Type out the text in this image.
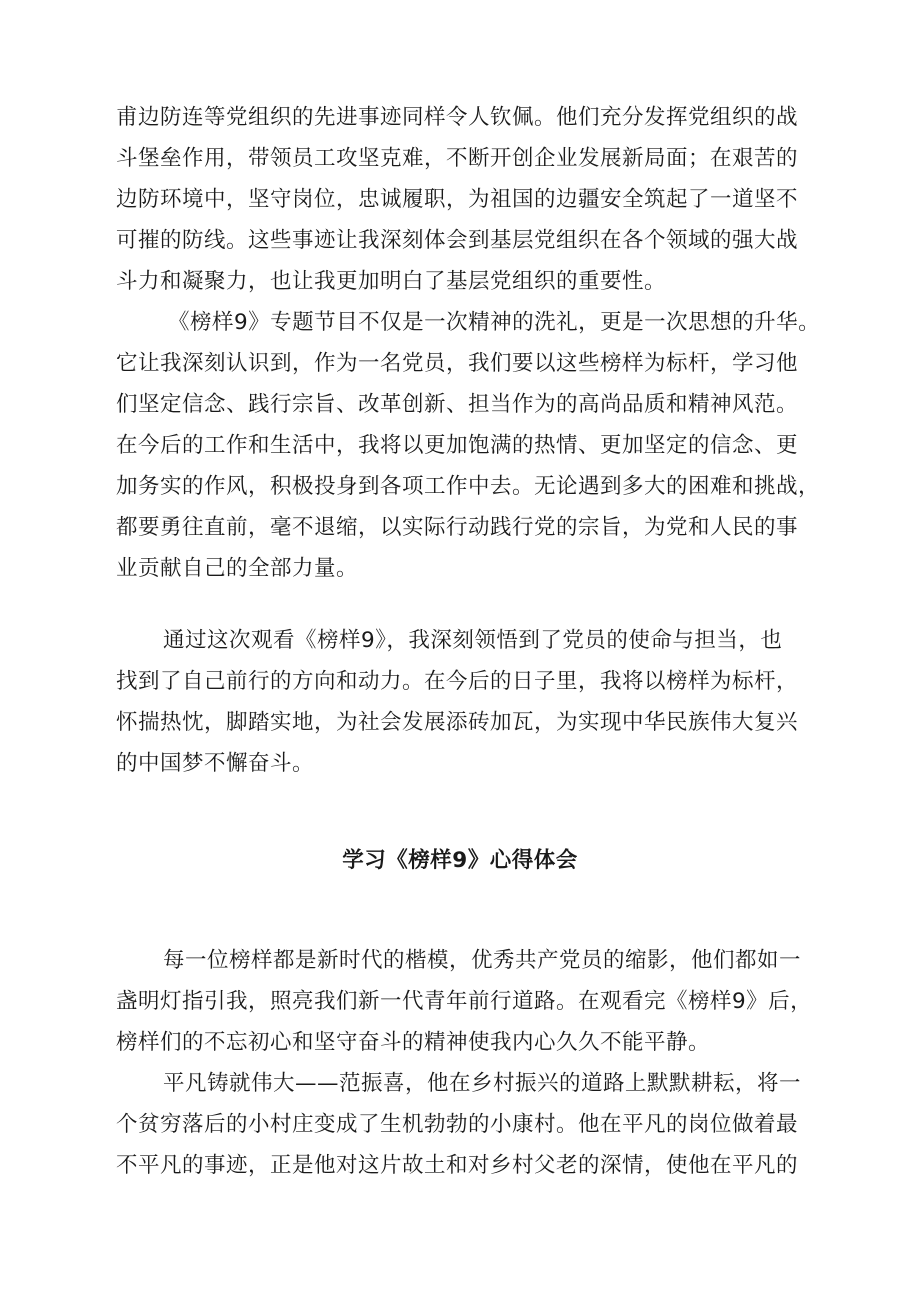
甫边防连等党组织的先进事迹同样令人钦佩。他们充分发挥党组织的战
斗堡垒作用，带领员工攻坚克难，不断开创企业发展新局面；在艰苦的
边防环境中，坚守岗位，忠诚履职，为祖国的边疆安全筑起了一道坚不
可摧的防线。这些事迹让我深刻体会到基层党组织在各个领域的强大战
斗力和凝聚力，也让我更加明白了基层党组织的重要性。
《榜样9》专题节目不仅是一次精神的洗礼，更是一次思想的升华。
它让我深刻认识到，作为一名党员，我们要以这些榜样为标杆，学习他
们坚定信念、践行宗旨、改革创新、担当作为的高尚品质和精神风范。
在今后的工作和生活中，我将以更加饱满的热情、更加坚定的信念、更
加务实的作风，积极投身到各项工作中去。无论遇到多大的困难和挑战，
都要勇往直前，毫不退缩，以实际行动践行党的宗旨，为党和人民的事
业贡献自己的全部力量。
通过这次观看《榜样9》，我深刻领悟到了党员的使命与担当，也
找到了自己前行的方向和动力。在今后的日子里，我将以榜样为标杆，
怀揣热忱，脚踏实地，为社会发展添砖加瓦，为实现中华民族伟大复兴
的中国梦不懈奋斗。
学习《榜样9》心得体会
每一位榜样都是新时代的楷模，优秀共产党员的缩影，他们都如一
盏明灯指引我，照亮我们新一代青年前行道路。在观看完《榜样9》后，
榜样们的不忘初心和坚守奋斗的精神使我内心久久不能平静。
平凡铸就伟大——范振喜，他在乡村振兴的道路上默默耕耘，将一
个贫穷落后的小村庄变成了生机勃勃的小康村。他在平凡的岗位做着最
不平凡的事迹，正是他对这片故土和对乡村父老的深情，使他在平凡的
